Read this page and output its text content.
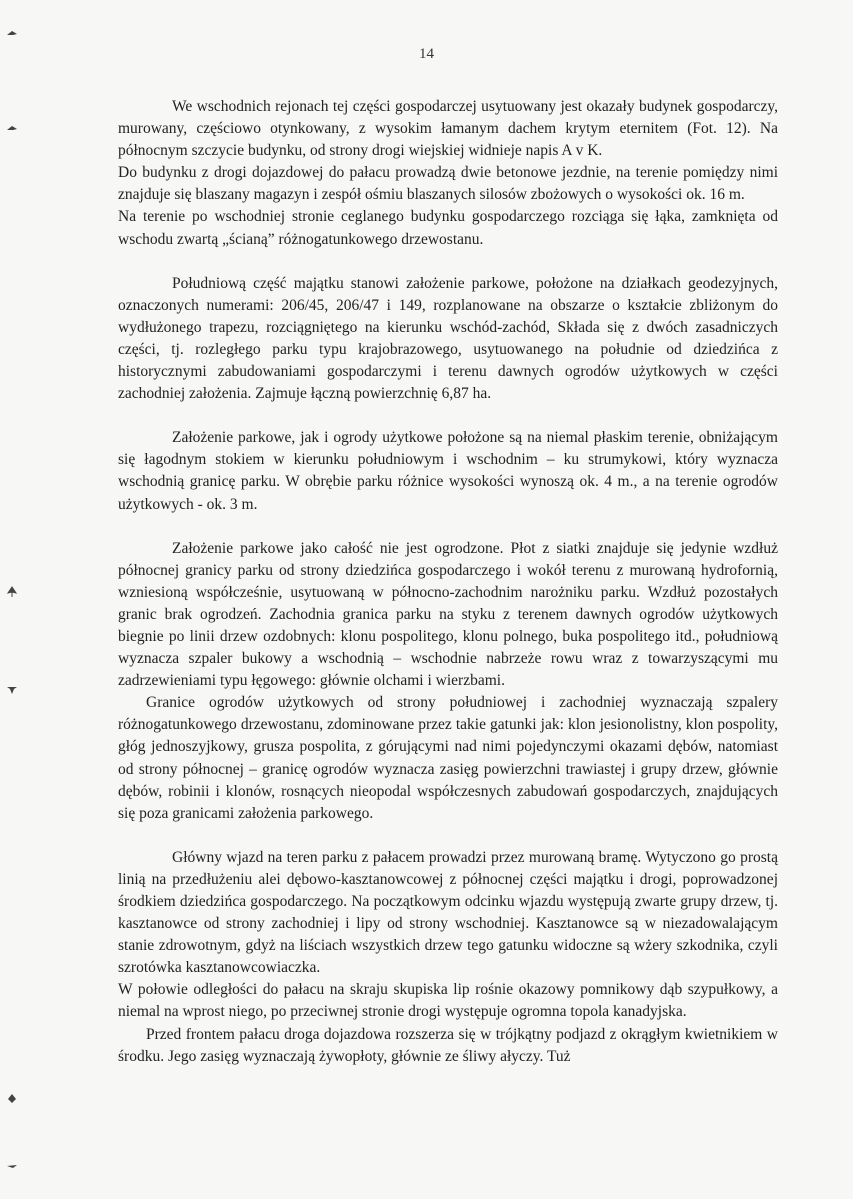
14

We wschodnich rejonach tej części gospodarczej usytuowany jest okazały budynek gospodarczy, murowany, częściowo otynkowany, z wysokim łamanym dachem krytym eternitem (Fot. 12). Na północnym szczycie budynku, od strony drogi wiejskiej widnieje napis A v K.

Do budynku z drogi dojazdowej do pałacu prowadzą dwie betonowe jezdnie, na terenie pomiędzy nimi znajduje się blaszany magazyn i zespół ośmiu blaszanych silosów zbożowych o wysokości ok. 16 m.

Na terenie po wschodniej stronie ceglanego budynku gospodarczego rozciąga się łąka, zamknięta od wschodu zwartą „ścianą” różnogatunkowego drzewostanu.

Południową część majątku stanowi założenie parkowe, położone na działkach geodezyjnych, oznaczonych numerami: 206/45, 206/47 i 149, rozplanowane na obszarze o kształcie zbliżonym do wydłużonego trapezu, rozciągniętego na kierunku wschód-zachód, Składa się z dwóch zasadniczych części, tj. rozległego parku typu krajobrazowego, usytuowanego na południe od dziedzińca z historycznymi zabudowaniami gospodarczymi i terenu dawnych ogrodów użytkowych w części zachodniej założenia. Zajmuje łączną powierzchnię 6,87 ha.

Założenie parkowe, jak i ogrody użytkowe położone są na niemal płaskim terenie, obniżającym się łagodnym stokiem w kierunku południowym i wschodnim – ku strumykowi, który wyznacza wschodnią granicę parku. W obrębie parku różnice wysokości wynoszą ok. 4 m., a na terenie ogrodów użytkowych - ok. 3 m.

Założenie parkowe jako całość nie jest ogrodzone. Płot z siatki znajduje się jedynie wzdłuż północnej granicy parku od strony dziedzińca gospodarczego i wokół terenu z murowaną hydrofornią, wzniesioną współcześnie, usytuowaną w północno-zachodnim narożniku parku. Wzdłuż pozostałych granic brak ogrodzeń. Zachodnia granica parku na styku z terenem dawnych ogrodów użytkowych biegnie po linii drzew ozdobnych: klonu pospolitego, klonu polnego, buka pospolitego itd., południową wyznacza szpaler bukowy a wschodnią – wschodnie nabrzeże rowu wraz z towarzyszącymi mu zadrzewieniami typu łęgowego: głównie olchami i wierzbami.

Granice ogrodów użytkowych od strony południowej i zachodniej wyznaczają szpalery różnogatunkowego drzewostanu, zdominowane przez takie gatunki jak: klon jesionolistny, klon pospolity, głóg jednoszyjkowy, grusza pospolita, z górującymi nad nimi pojedynczymi okazami dębów, natomiast od strony północnej – granicę ogrodów wyznacza zasięg powierzchni trawiastej i grupy drzew, głównie dębów, robinii i klonów, rosnących nieopodal współczesnych zabudowań gospodarczych, znajdujących się poza granicami założenia parkowego.

Główny wjazd na teren parku z pałacem prowadzi przez murowaną bramę. Wytyczono go prostą linią na przedłużeniu alei dębowo-kasztanowcowej z północnej części majątku i drogi, poprowadzonej środkiem dziedzińca gospodarczego. Na początkowym odcinku wjazdu występują zwarte grupy drzew, tj. kasztanowce od strony zachodniej i lipy od strony wschodniej. Kasztanowce są w niezadowalającym stanie zdrowotnym, gdyż na liściach wszystkich drzew tego gatunku widoczne są wżery szkodnika, czyli szrotówka kasztanowcowiaczka.

W połowie odległości do pałacu na skraju skupiska lip rośnie okazowy pomnikowy dąb szypułkowy, a niemal na wprost niego, po przeciwnej stronie drogi występuje ogromna topola kanadyjska.

Przed frontem pałacu droga dojazdowa rozszerza się w trójkątny podjazd z okrągłym kwietnikiem w środku. Jego zasięg wyznaczają żywopłoty, głównie ze śliwy ałyczy. Tuż
